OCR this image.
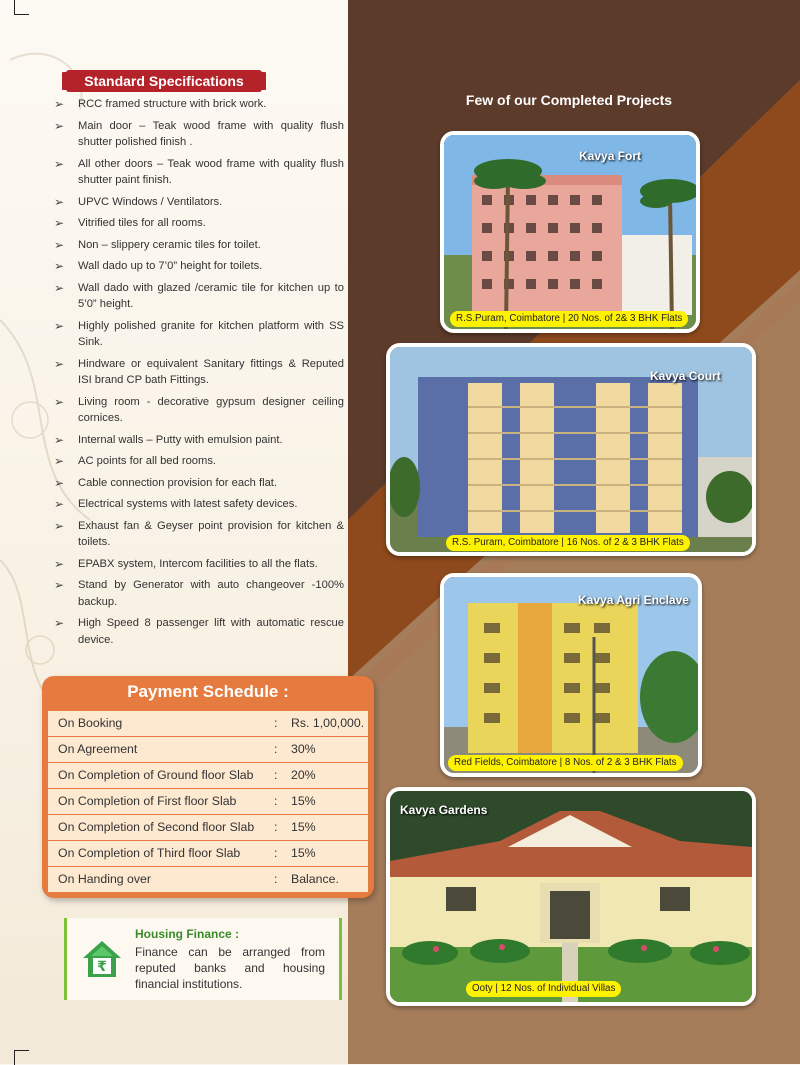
Standard Specifications
➢ RCC framed structure with brick work.
➢ Main door – Teak wood frame with quality flush shutter polished finish .
➢ All other doors – Teak wood frame with quality flush shutter paint finish.
➢ UPVC Windows / Ventilators.
➢ Vitrified tiles for all rooms.
➢ Non – slippery ceramic tiles for toilet.
➢ Wall dado up to 7’0” height for toilets.
➢ Wall dado with glazed /ceramic tile for kitchen up to 5’0” height.
➢ Highly polished granite for kitchen platform with SS Sink.
➢ Hindware or equivalent Sanitary fittings & Reputed ISI brand CP bath Fittings.
➢ Living room - decorative gypsum designer ceiling cornices.
➢ Internal walls – Putty with emulsion paint.
➢ AC points for all bed rooms.
➢ Cable connection provision for each flat.
➢ Electrical systems with latest safety devices.
➢ Exhaust fan & Geyser point provision for kitchen & toilets.
➢ EPABX system, Intercom facilities to all the flats.
➢ Stand by Generator with auto changeover -100% backup.
➢ High Speed 8 passenger lift with automatic rescue device.
Payment Schedule :
On Booking	: Rs. 1,00,000.
On Agreement	: 30%
On Completion of Ground floor Slab : 20%
On Completion of First floor Slab	: 15%
On Completion of Second floor Slab : 15%
On Completion of Third floor Slab	: 15%
On Handing over	: Balance.
₹
Housing Finance :
Finance can be arranged from reputed banks and housing financial institutions.
Few of our Completed Projects
Kavya Fort
R.S.Puram, Coimbatore | 20 Nos. of 2& 3 BHK Flats
Kavya Court
R.S. Puram, Coimbatore | 16 Nos. of 2 & 3 BHK Flats
Kavya Agri Enclave
Red Fields, Coimbatore | 8 Nos. of 2 & 3 BHK Flats
Kavya Gardens
Ooty | 12 Nos. of Individual Villas
